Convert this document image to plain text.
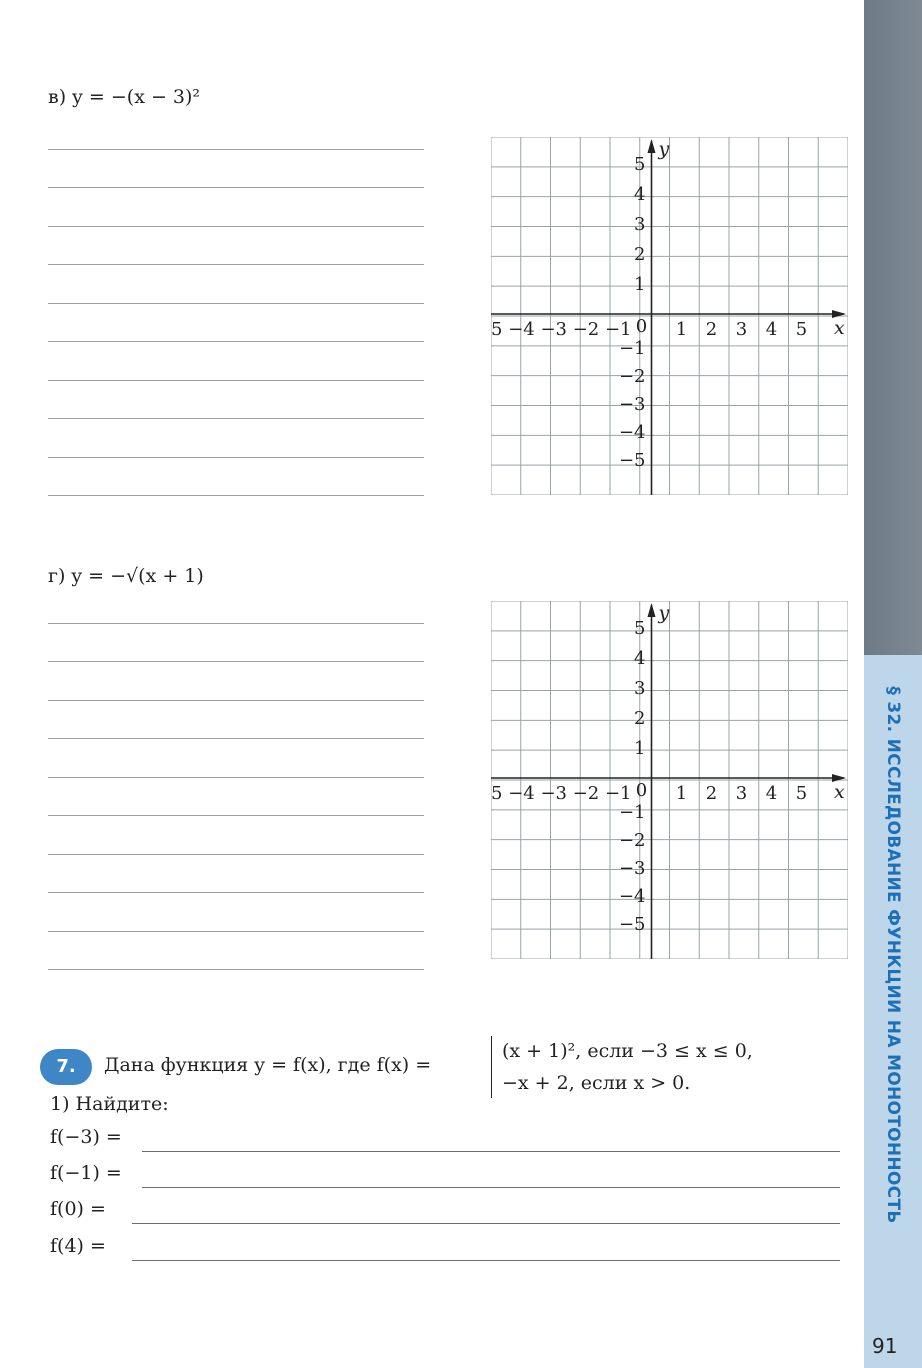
§ 32. ИССЛЕДОВАНИЕ ФУНКЦИИ НА МОНОТОННОСТЬ
91
в) y = −(x − 3)²
y
x
0
−5 −4 −3 −2 −1 1 2 3 4 5
5
4
3
2
1
−1
−2
−3
−4
−5
г) y = −√(x + 1)
y
x
0
−5 −4 −3 −2 −1 1 2 3 4 5
5
4
3
2
1
−1
−2
−3
−4
−5
7.	Дана функция y = f(x), где f(x) =
(x + 1)², если −3 ≤ x ≤ 0,
−x + 2, если x > 0.
1) Найдите:
f(−3) =
f(−1) =
f(0) =
f(4) =
